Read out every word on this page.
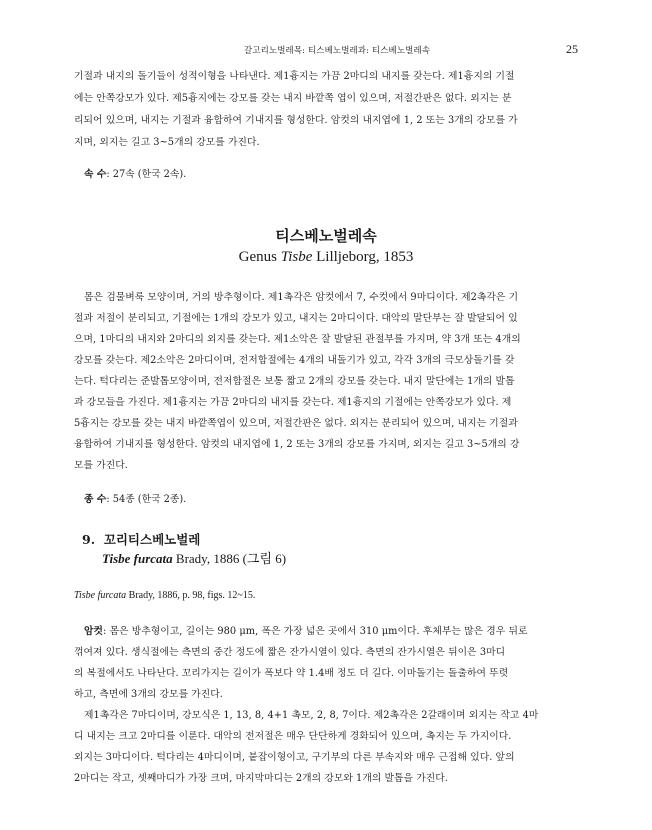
갈고리노벌레목: 티스베노벌레과: 티스베노벌레속	25

기절과 내지의 돌기들이 성적이형을 나타낸다. 제1흉지는 가끔 2마디의 내지를 갖는다. 제1흉지의 기절

에는 안쪽강모가 있다. 제5흉지에는 강모를 갖는 내지 바깥쪽 엽이 있으며, 저절간판은 없다. 외지는 분

리되어 있으며, 내지는 기절과 융합하여 기내지를 형성한다. 암컷의 내지엽에 1, 2 또는 3개의 강모를 가

지며, 외지는 길고 3~5개의 강모를 가진다.

속 수: 27속 (한국 2속).
티스베노벌레속
Genus Tisbe Lilljeborg, 1853

몸은 검물벼룩 모양이며, 거의 방추형이다. 제1촉각은 암컷에서 7, 수컷에서 9마디이다. 제2촉각은 기

절과 저절이 분리되고, 기절에는 1개의 강모가 있고, 내지는 2마디이다. 대악의 말단부는 잘 발달되어 있

으며, 1마디의 내지와 2마디의 외지를 갖는다. 제1소악은 잘 발달된 관절부를 가지며, 약 3개 또는 4개의

강모를 갖는다. 제2소악은 2마디이며, 전저합절에는 4개의 내돌기가 있고, 각각 3개의 극모상돌기를 갖

는다. 턱다리는 준발톱모양이며, 전저합절은 보통 짧고 2개의 강모를 갖는다. 내지 말단에는 1개의 발톱

과 강모들을 가진다. 제1흉지는 가끔 2마디의 내지를 갖는다. 제1흉지의 기절에는 안쪽강모가 있다. 제

5흉지는 강모를 갖는 내지 바깥쪽엽이 있으며, 저절간판은 없다. 외지는 분리되어 있으며, 내지는 기절과

융합하여 기내지를 형성한다. 암컷의 내지엽에 1, 2 또는 3개의 강모를 가지며, 외지는 길고 3~5개의 강

모를 가진다.

종 수: 54종 (한국 2종).
9. 꼬리티스베노벌레
Tisbe furcata Brady, 1886 (그림 6)
Tisbe furcata Brady, 1886, p. 98, figs. 12~15.

암컷: 몸은 방추형이고, 길이는 980 μm, 폭은 가장 넓은 곳에서 310 μm이다. 후체부는 많은 경우 뒤로

꺾여져 있다. 생식절에는 측면의 중간 정도에 짧은 잔가시열이 있다. 측면의 잔가시열은 뒤이은 3마디

의 복절에서도 나타난다. 꼬리가지는 길이가 폭보다 약 1.4배 정도 더 길다. 이마돌기는 돌출하여 뚜렷

하고, 측면에 3개의 강모를 가진다.

제1촉각은 7마디이며, 강모식은 1, 13, 8, 4+1 촉모, 2, 8, 7이다. 제2촉각은 2갈래이며 외지는 작고 4마

디 내지는 크고 2마디를 이룬다. 대악의 전저절은 매우 단단하게 경화되어 있으며, 촉지는 두 가지이다.

외지는 3마디이다. 턱다리는 4마디이며, 붙잡이형이고, 구기부의 다른 부속지와 매우 근접해 있다. 앞의

2마디는 작고, 셋째마디가 가장 크며, 마지막마디는 2개의 강모와 1개의 발톱을 가진다.
